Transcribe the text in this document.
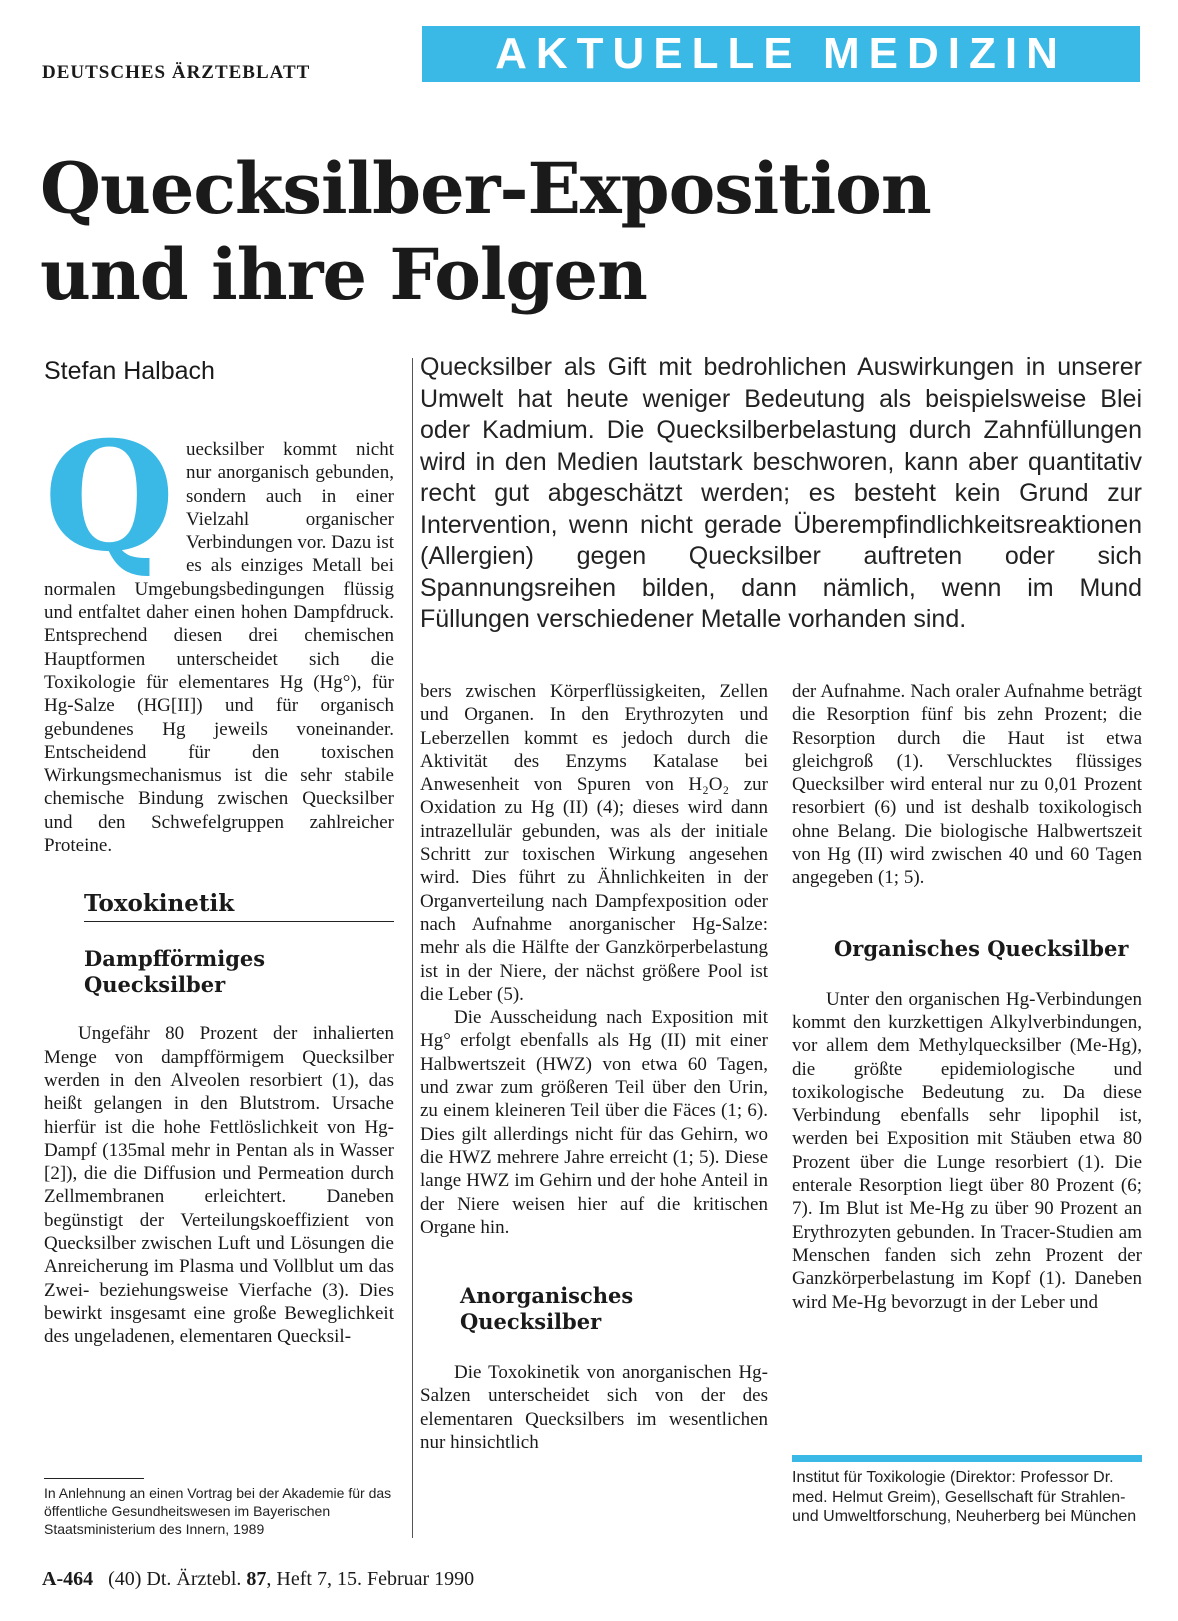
DEUTSCHES ÄRZTEBLATT	AKTUELLE MEDIZIN
Quecksilber-Exposition
und ihre Folgen
Stefan Halbach	Quecksilber als Gift mit bedrohlichen Auswirkungen in unserer Umwelt hat heute weniger Bedeutung als beispielsweise Blei oder Kadmium. Die Quecksilberbelastung durch Zahnfüllungen wird in den Medien lautstark beschworen, kann aber quantitativ recht gut abgeschätzt werden; es besteht kein Grund zur Intervention, wenn nicht gerade Überempfindlichkeitsreaktionen (Allergien) gegen Quecksilber auftreten oder sich Spannungsreihen bilden, dann nämlich, wenn im Mund Füllungen verschiedener Metalle vorhanden sind.

Quecksilber kommt nicht nur anorganisch gebunden, sondern auch in einer Vielzahl organischer Verbindungen vor. Dazu ist es als einziges Metall bei normalen Umgebungsbedingungen flüssig und entfaltet daher einen hohen Dampfdruck. Entsprechend diesen drei chemischen Hauptformen unterscheidet sich die Toxikologie für elementares Hg (Hg°), für Hg-Salze (HG[II]) und für organisch gebundenes Hg jeweils voneinander. Entscheidend für den toxischen Wirkungsmechanismus ist die sehr stabile chemische Bindung zwischen Quecksilber und den Schwefelgruppen zahlreicher Proteine.

Toxokinetik
Dampfförmiges Quecksilber

Ungefähr 80 Prozent der inhalierten Menge von dampfförmigem Quecksilber werden in den Alveolen resorbiert (1), das heißt gelangen in den Blutstrom. Ursache hierfür ist die hohe Fettlöslichkeit von Hg-Dampf (135mal mehr in Pentan als in Wasser [2]), die die Diffusion und Permeation durch Zellmembranen erleichtert. Daneben begünstigt der Verteilungskoeffizient von Quecksilber zwischen Luft und Lösungen die Anreicherung im Plasma und Vollblut um das Zwei- beziehungsweise Vierfache (3). Dies bewirkt insgesamt eine große Beweglichkeit des ungeladenen, elementaren Quecksil-

bers zwischen Körperflüssigkeiten, Zellen und Organen. In den Erythrozyten und Leberzellen kommt es jedoch durch die Aktivität des Enzyms Katalase bei Anwesenheit von Spuren von H₂O₂ zur Oxidation zu Hg (II) (4); dieses wird dann intrazellulär gebunden, was als der initiale Schritt zur toxischen Wirkung angesehen wird. Dies führt zu Ähnlichkeiten in der Organverteilung nach Dampfexposition oder nach Aufnahme anorganischer Hg-Salze: mehr als die Hälfte der Ganzkörperbelastung ist in der Niere, der nächst größere Pool ist die Leber (5).

Die Ausscheidung nach Exposition mit Hg° erfolgt ebenfalls als Hg (II) mit einer Halbwertszeit (HWZ) von etwa 60 Tagen, und zwar zum größeren Teil über den Urin, zu einem kleineren Teil über die Fäces (1; 6). Dies gilt allerdings nicht für das Gehirn, wo die HWZ mehrere Jahre erreicht (1; 5). Diese lange HWZ im Gehirn und der hohe Anteil in der Niere weisen hier auf die kritischen Organe hin.

Anorganisches Quecksilber

Die Toxokinetik von anorganischen Hg-Salzen unterscheidet sich von der des elementaren Quecksilbers im wesentlichen nur hinsichtlich

der Aufnahme. Nach oraler Aufnahme beträgt die Resorption fünf bis zehn Prozent; die Resorption durch die Haut ist etwa gleichgroß (1). Verschlucktes flüssiges Quecksilber wird enteral nur zu 0,01 Prozent resorbiert (6) und ist deshalb toxikologisch ohne Belang. Die biologische Halbwertszeit von Hg (II) wird zwischen 40 und 60 Tagen angegeben (1; 5).

Organisches Quecksilber

Unter den organischen Hg-Verbindungen kommt den kurzkettigen Alkylverbindungen, vor allem dem Methylquecksilber (Me-Hg), die größte epidemiologische und toxikologische Bedeutung zu. Da diese Verbindung ebenfalls sehr lipophil ist, werden bei Exposition mit Stäuben etwa 80 Prozent über die Lunge resorbiert (1). Die enterale Resorption liegt über 80 Prozent (6; 7). Im Blut ist Me-Hg zu über 90 Prozent an Erythrozyten gebunden. In Tracer-Studien am Menschen fanden sich zehn Prozent der Ganzkörperbelastung im Kopf (1). Daneben wird Me-Hg bevorzugt in der Leber und

In Anlehnung an einen Vortrag bei der Akademie für das öffentliche Gesundheitswesen im Bayerischen Staatsministerium des Innern, 1989

Institut für Toxikologie (Direktor: Professor Dr. med. Helmut Greim), Gesellschaft für Strahlen- und Umweltforschung, Neuherberg bei München

A-464 (40) Dt. Ärztebl. 87, Heft 7, 15. Februar 1990
